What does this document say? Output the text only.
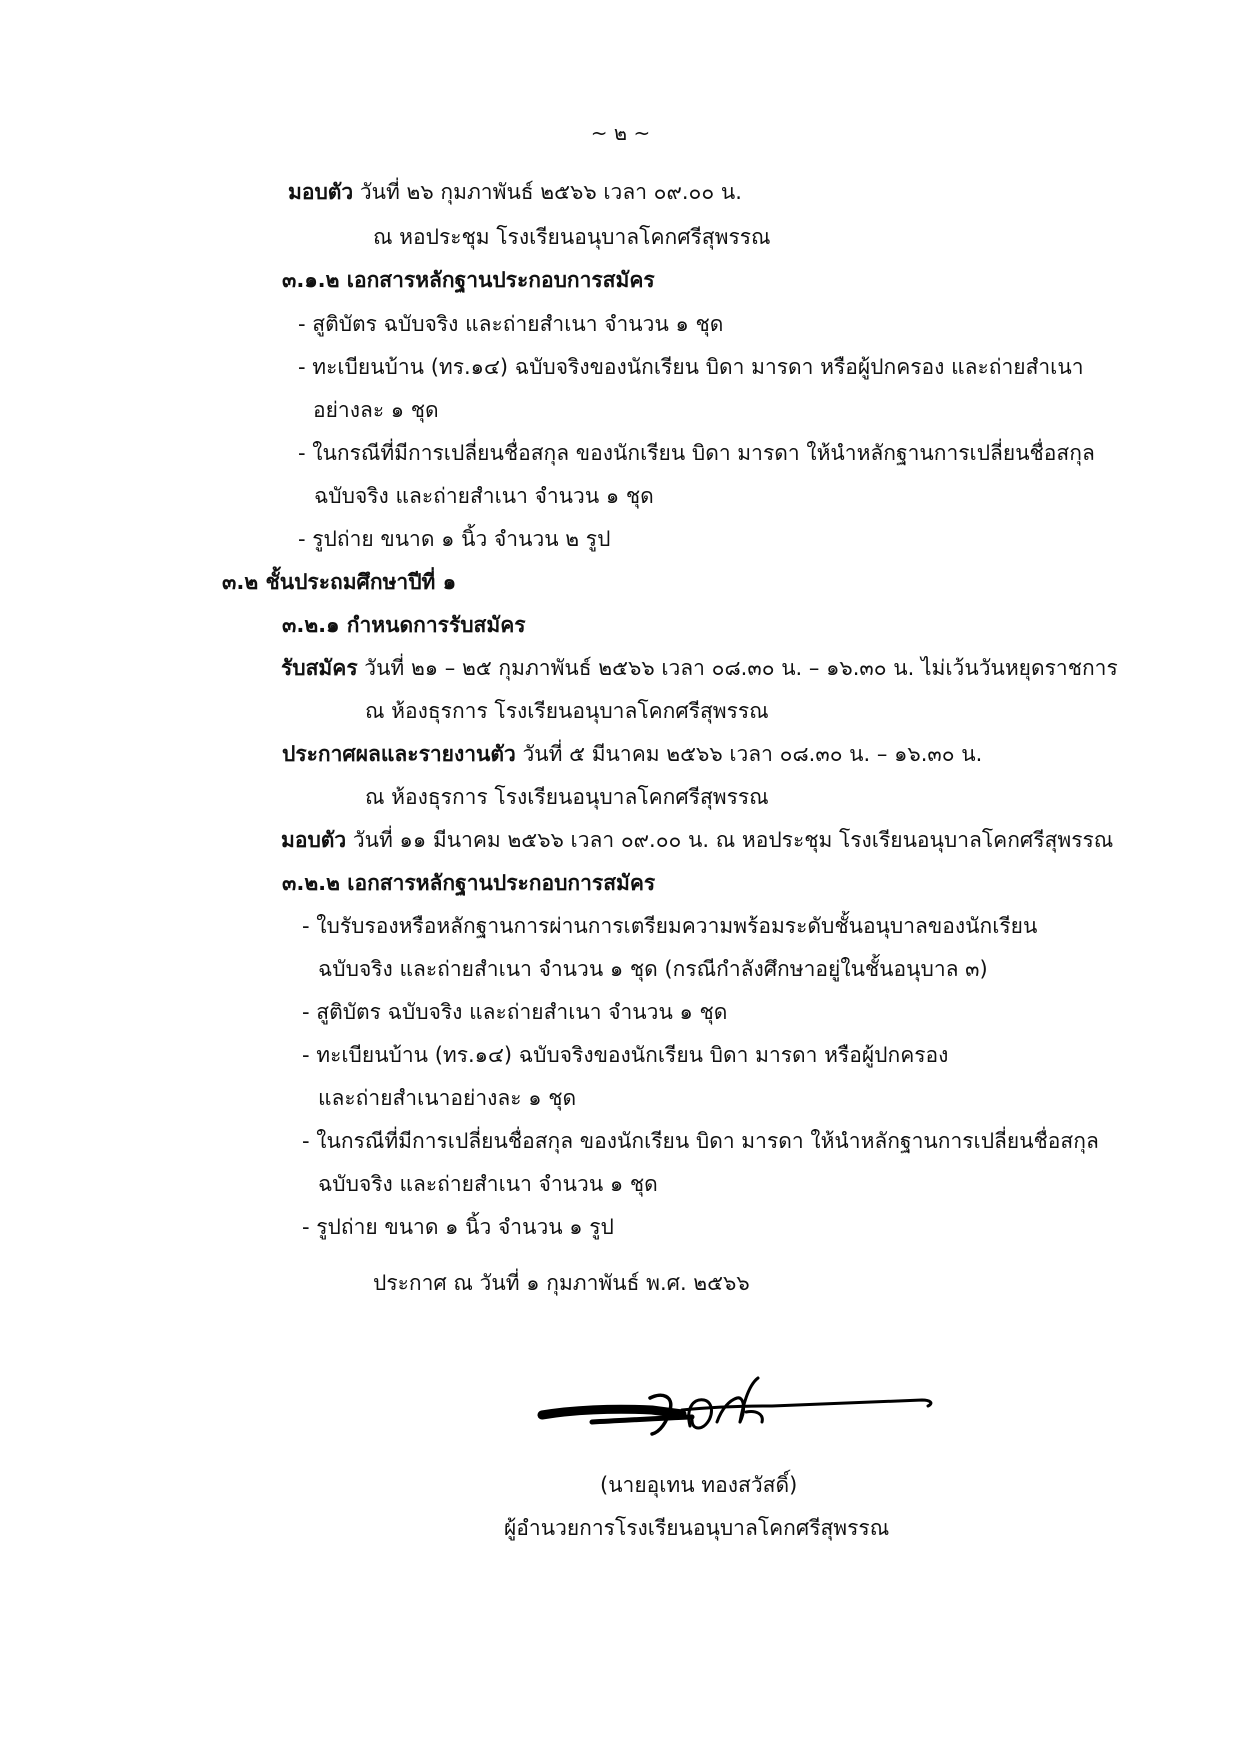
~ ๒ ~
มอบตัว วันที่ ๒๖ กุมภาพันธ์ ๒๕๖๖ เวลา ๐๙.๐๐ น.
ณ หอประชุม โรงเรียนอนุบาลโคกศรีสุพรรณ
๓.๑.๒ เอกสารหลักฐานประกอบการสมัคร
- สูติบัตร ฉบับจริง และถ่ายสำเนา จำนวน ๑ ชุด
- ทะเบียนบ้าน (ทร.๑๔) ฉบับจริงของนักเรียน บิดา มารดา หรือผู้ปกครอง และถ่ายสำเนา
อย่างละ ๑ ชุด
- ในกรณีที่มีการเปลี่ยนชื่อสกุล ของนักเรียน บิดา มารดา ให้นำหลักฐานการเปลี่ยนชื่อสกุล
ฉบับจริง และถ่ายสำเนา จำนวน ๑ ชุด
- รูปถ่าย ขนาด ๑ นิ้ว จำนวน ๒ รูป
๓.๒ ชั้นประถมศึกษาปีที่ ๑
๓.๒.๑ กำหนดการรับสมัคร
รับสมัคร วันที่ ๒๑ – ๒๕ กุมภาพันธ์ ๒๕๖๖ เวลา ๐๘.๓๐ น. – ๑๖.๓๐ น. ไม่เว้นวันหยุดราชการ
ณ ห้องธุรการ โรงเรียนอนุบาลโคกศรีสุพรรณ
ประกาศผลและรายงานตัว วันที่ ๕ มีนาคม ๒๕๖๖ เวลา ๐๘.๓๐ น. – ๑๖.๓๐ น.
ณ ห้องธุรการ โรงเรียนอนุบาลโคกศรีสุพรรณ
มอบตัว วันที่ ๑๑ มีนาคม ๒๕๖๖ เวลา ๐๙.๐๐ น. ณ หอประชุม โรงเรียนอนุบาลโคกศรีสุพรรณ
๓.๒.๒ เอกสารหลักฐานประกอบการสมัคร
- ใบรับรองหรือหลักฐานการผ่านการเตรียมความพร้อมระดับชั้นอนุบาลของนักเรียน
ฉบับจริง และถ่ายสำเนา จำนวน ๑ ชุด (กรณีกำลังศึกษาอยู่ในชั้นอนุบาล ๓)
- สูติบัตร ฉบับจริง และถ่ายสำเนา จำนวน ๑ ชุด
- ทะเบียนบ้าน (ทร.๑๔) ฉบับจริงของนักเรียน บิดา มารดา หรือผู้ปกครอง
และถ่ายสำเนาอย่างละ ๑ ชุด
- ในกรณีที่มีการเปลี่ยนชื่อสกุล ของนักเรียน บิดา มารดา ให้นำหลักฐานการเปลี่ยนชื่อสกุล
ฉบับจริง และถ่ายสำเนา จำนวน ๑ ชุด
- รูปถ่าย ขนาด ๑ นิ้ว จำนวน ๑ รูป
ประกาศ ณ วันที่ ๑ กุมภาพันธ์ พ.ศ. ๒๕๖๖
(นายอุเทน ทองสวัสดิ์)
ผู้อำนวยการโรงเรียนอนุบาลโคกศรีสุพรรณ
